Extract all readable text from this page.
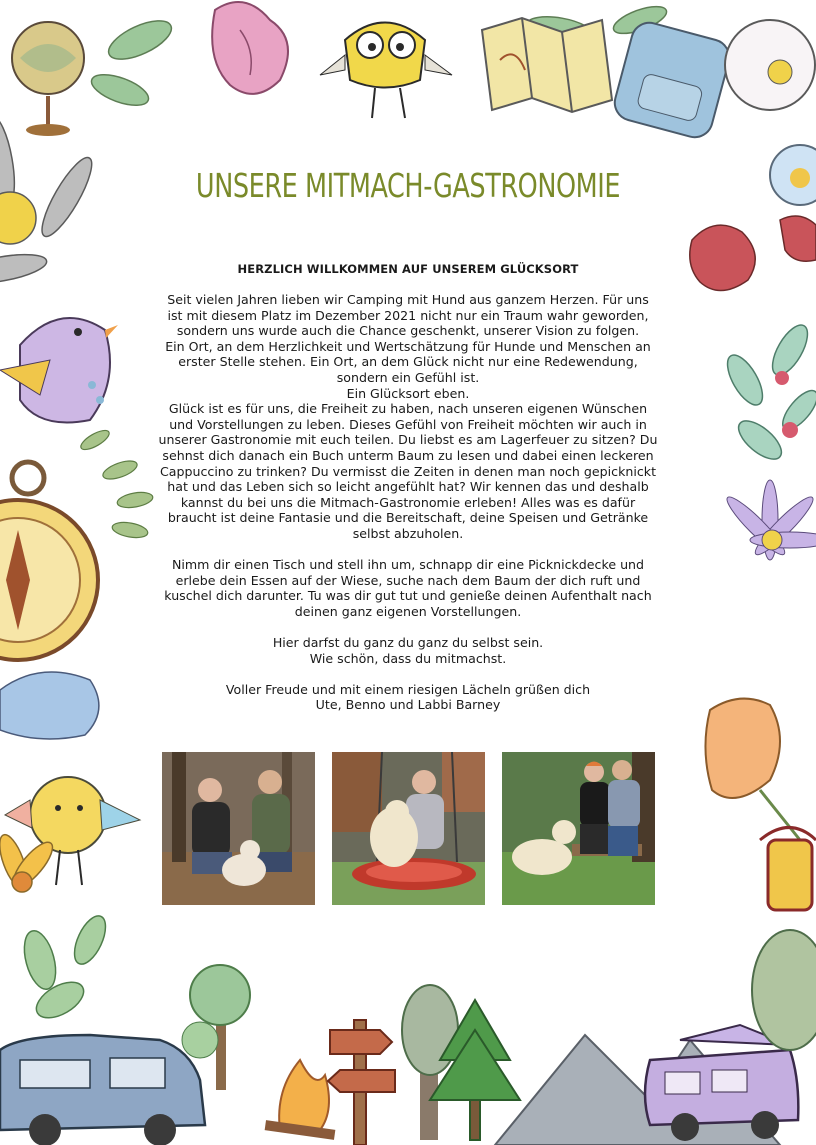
UNSERE MITMACH-GASTRONOMIE
HERZLICH WILLKOMMEN AUF UNSEREM GLÜCKSORT

Seit vielen Jahren lieben wir Camping mit Hund aus ganzem Herzen. Für uns ist mit diesem Platz im Dezember 2021 nicht nur ein Traum wahr geworden, sondern uns wurde auch die Chance geschenkt, unserer Vision zu folgen.

Ein Ort, an dem Herzlichkeit und Wertschätzung für Hunde und Menschen an erster Stelle stehen. Ein Ort, an dem Glück nicht nur eine Redewendung, sondern ein Gefühl ist.

Ein Glücksort eben.

Glück ist es für uns, die Freiheit zu haben, nach unseren eigenen Wünschen und Vorstellungen zu leben. Dieses Gefühl von Freiheit möchten wir auch in unserer Gastronomie mit euch teilen. Du liebst es am Lagerfeuer zu sitzen? Du sehnst dich danach ein Buch unterm Baum zu lesen und dabei einen leckeren Cappuccino zu trinken? Du vermisst die Zeiten in denen man noch gepicknickt hat und das Leben sich so leicht angefühlt hat? Wir kennen das und deshalb kannst du bei uns die Mitmach-Gastronomie erleben! Alles was es dafür braucht ist deine Fantasie und die Bereitschaft, deine Speisen und Getränke selbst abzuholen.

Nimm dir einen Tisch und stell ihn um, schnapp dir eine Picknickdecke und erlebe dein Essen auf der Wiese, suche nach dem Baum der dich ruft und kuschel dich darunter. Tu was dir gut tut und genieße deinen Aufenthalt nach deinen ganz eigenen Vorstellungen.

Hier darfst du ganz du ganz du selbst sein.

Wie schön, dass du mitmachst.

Voller Freude und mit einem riesigen Lächeln grüßen dich

Ute, Benno und Labbi Barney
